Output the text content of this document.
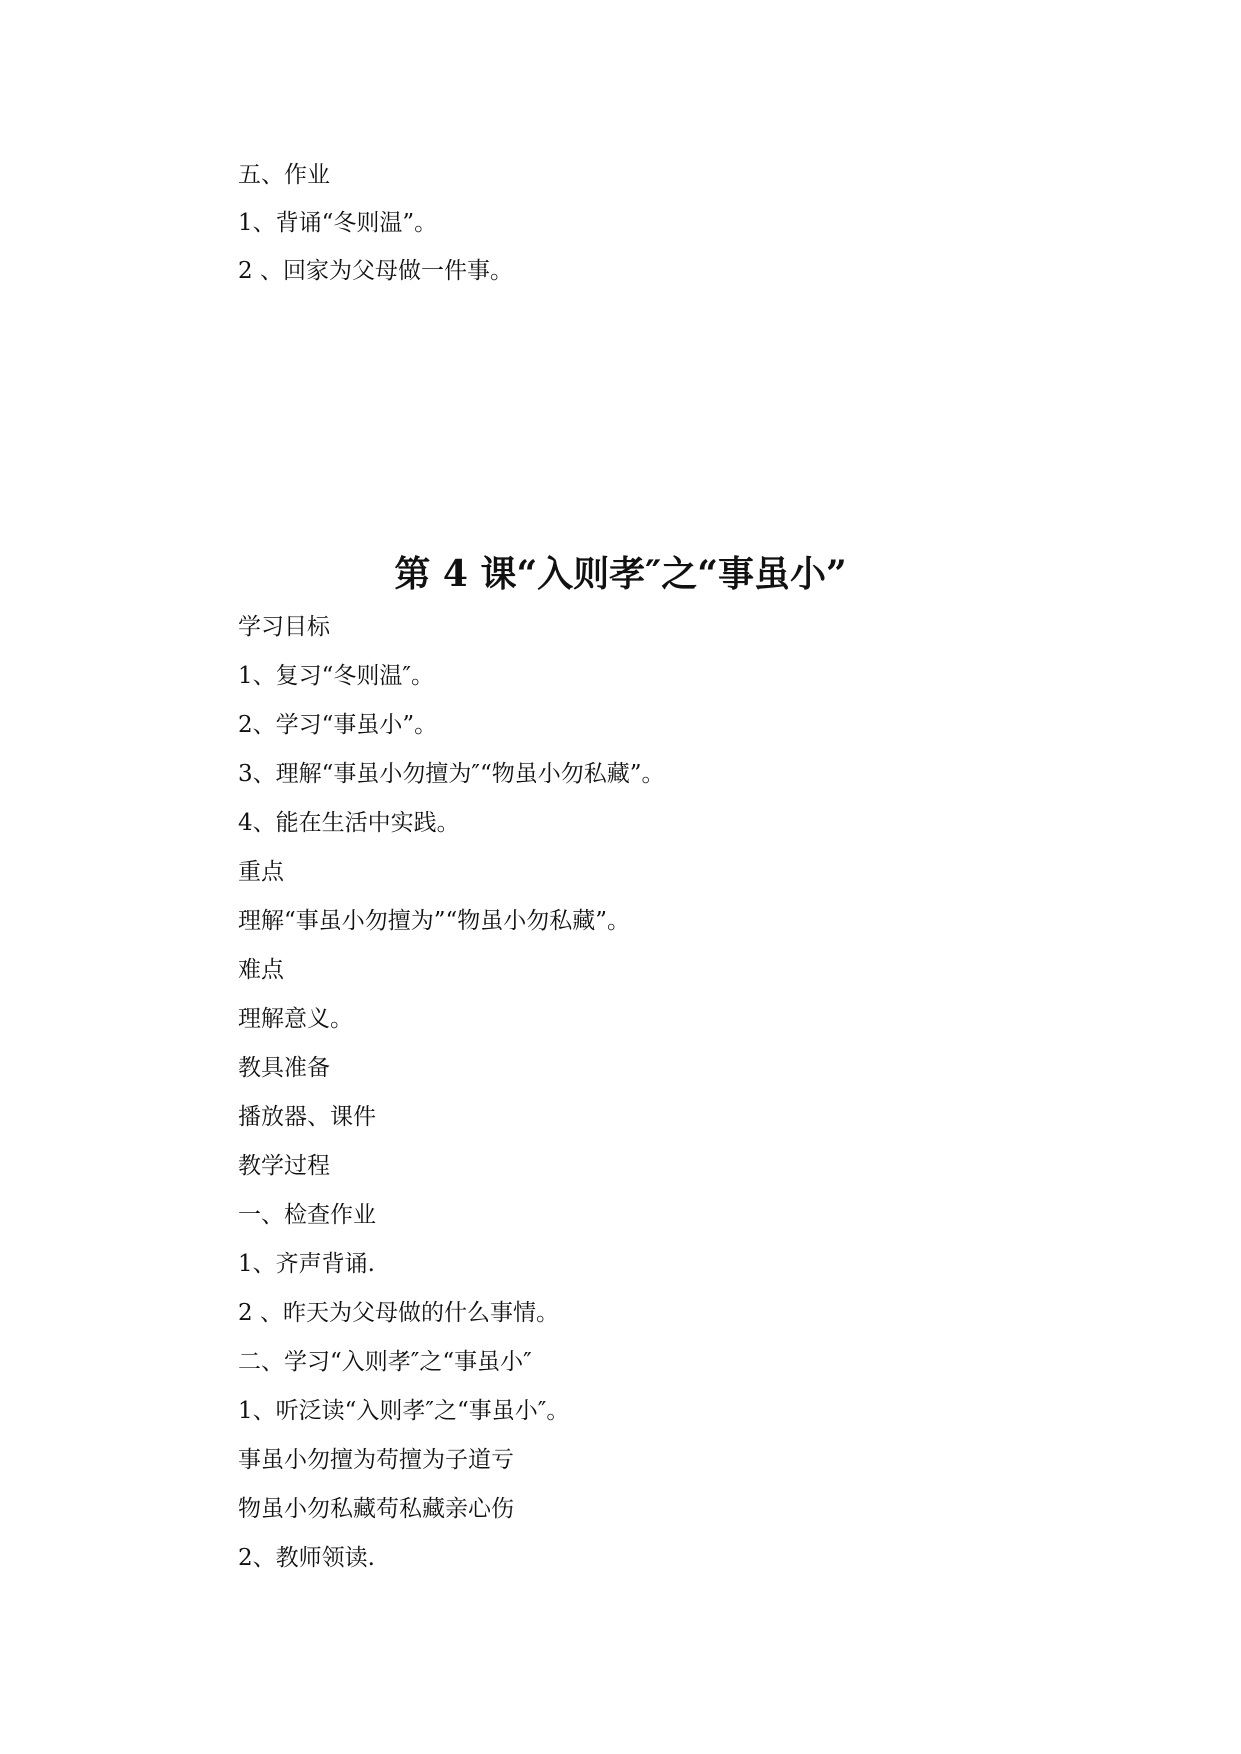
五、作业
1、背诵“冬则温”。
2 、回家为父母做一件事。
第 4 课“入则孝″之“事虽小”
学习目标
1、复习“冬则温″。
2、学习“事虽小”。
3、理解“事虽小勿擅为″“物虽小勿私藏”。
4、能在生活中实践。
重点
理解“事虽小勿擅为”“物虽小勿私藏”。
难点
理解意义。
教具准备
播放器、课件
教学过程
一、检查作业
1、齐声背诵.
2 、昨天为父母做的什么事情。
二、学习“入则孝″之“事虽小″
1、听泛读“入则孝″之“事虽小″。
事虽小勿擅为苟擅为子道亏
物虽小勿私藏苟私藏亲心伤
2、教师领读.
